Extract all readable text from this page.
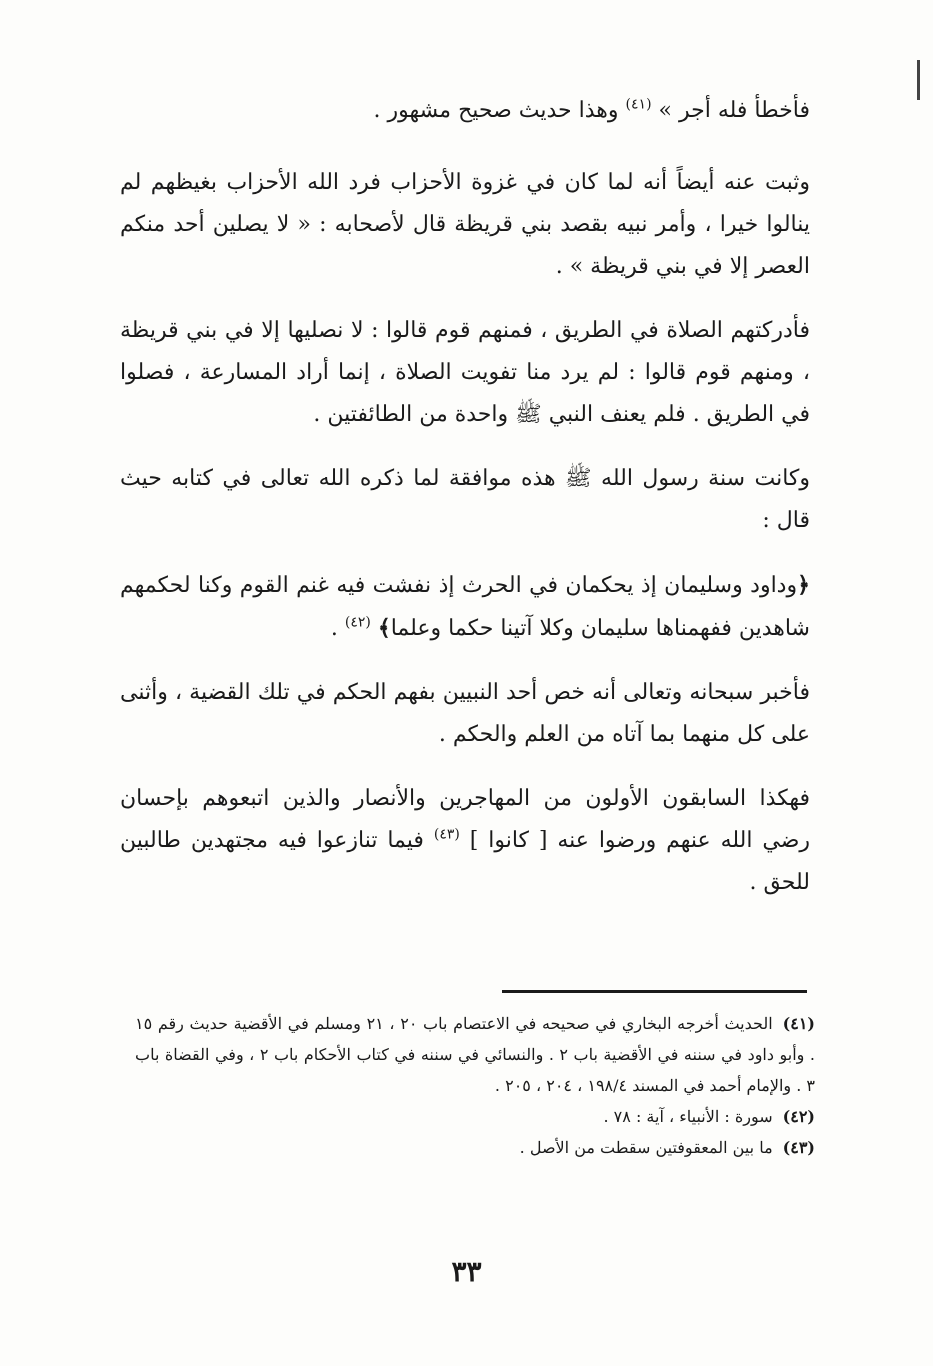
فأخطأ فله أجر » $^{(٤١)}$ وهذا حديث صحيح مشهور .

وثبت عنه أيضاً أنه لما كان في غزوة الأحزاب فرد الله الأحزاب بغيظهم لم ينالوا خيرا ، وأمر نبيه بقصد بني قريظة قال لأصحابه : « لا يصلين أحد منكم العصر إلا في بني قريظة » .

فأدركتهم الصلاة في الطريق ، فمنهم قوم قالوا : لا نصليها إلا في بني قريظة ، ومنهم قوم قالوا : لم يرد منا تفويت الصلاة ، إنما أراد المسارعة ، فصلوا في الطريق . فلم يعنف النبي ﷺ واحدة من الطائفتين .

وكانت سنة رسول الله ﷺ هذه موافقة لما ذكره الله تعالى في كتابه حيث قال :

﴿وداود وسليمان إذ يحكمان في الحرث إذ نفشت فيه غنم القوم وكنا لحكمهم شاهدين ففهمناها سليمان وكلا آتينا حكما وعلما﴾ $^{(٤٢)}$ .

فأخبر سبحانه وتعالى أنه خص أحد النبيين بفهم الحكم في تلك القضية ، وأثنى على كل منهما بما آتاه من العلم والحكم .

فهكذا السابقون الأولون من المهاجرين والأنصار والذين اتبعوهم بإحسان رضي الله عنهم ورضوا عنه [ كانوا ] $^{(٤٣)}$ فيما تنازعوا فيه مجتهدين طالبين للحق .

(٤١)الحديث أخرجه البخاري في صحيحه في الاعتصام باب ٢٠ ، ٢١ ومسلم في الأقضية حديث رقم ١٥ . وأبو داود في سننه في الأقضية باب ٢ . والنسائي في سننه في كتاب الأحكام باب ٢ ، وفي القضاة باب ٣ . والإمام أحمد في المسند ١٩٨/٤ ، ٢٠٤ ، ٢٠٥ .

(٤٢)سورة : الأنبياء ، آية : ٧٨ .

(٤٣)ما بين المعقوفتين سقطت من الأصل .

٣٣
